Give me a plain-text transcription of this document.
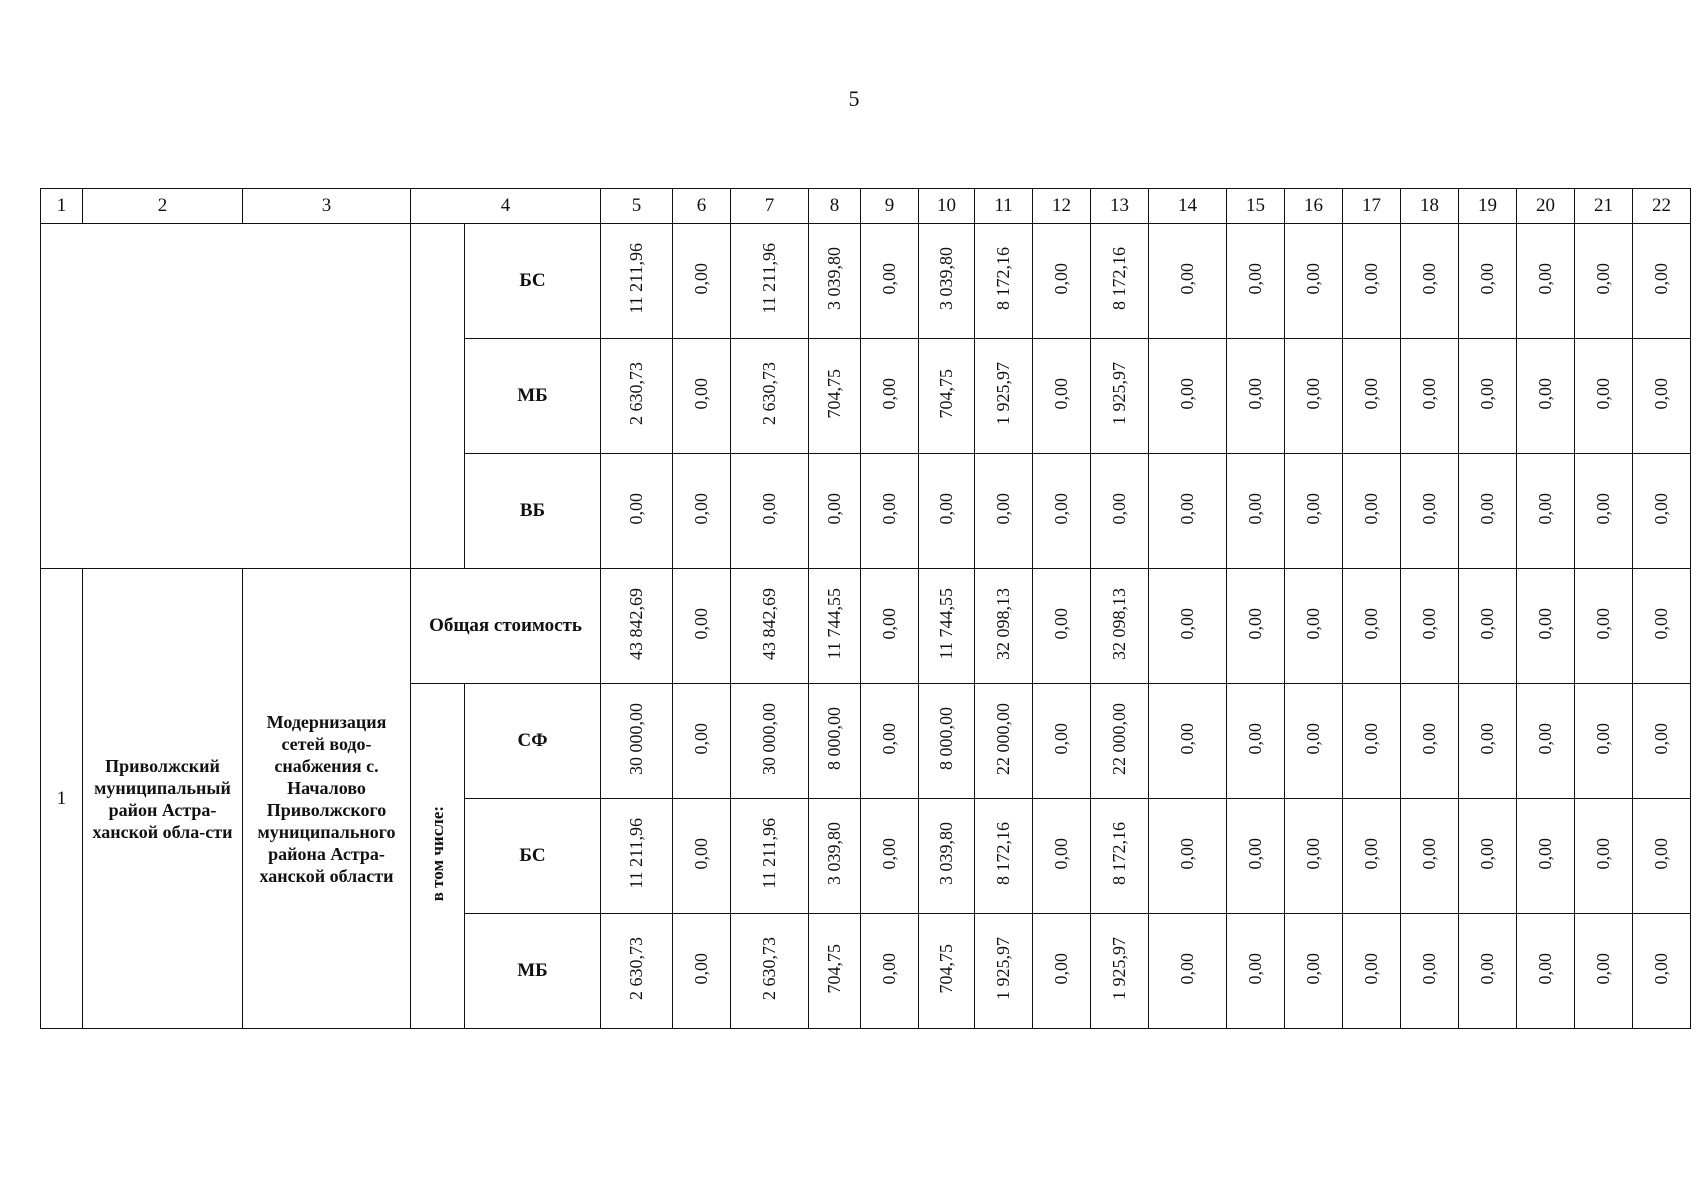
5
1	2	3	4		5	6	7	8	9	10	11	12	13	14	15	16	17	18	19	20	21	22
				БС	11 211,96	0,00	11 211,96	3 039,80	0,00	3 039,80	8 172,16	0,00	8 172,16	0,00	0,00	0,00	0,00	0,00	0,00	0,00	0,00	0,00
				МБ	2 630,73	0,00	2 630,73	704,75	0,00	704,75	1 925,97	0,00	1 925,97	0,00	0,00	0,00	0,00	0,00	0,00	0,00	0,00	0,00
				ВБ	0,00	0,00	0,00	0,00	0,00	0,00	0,00	0,00	0,00	0,00	0,00	0,00	0,00	0,00	0,00	0,00	0,00	0,00
1	Приволжский муниципальный район Астра-ханской обла-сти	Модернизация сетей водо-снабжения с. Началово Приволжского муниципального района Астра-ханской области	Общая стоимость		43 842,69	0,00	43 842,69	11 744,55	0,00	11 744,55	32 098,13	0,00	32 098,13	0,00	0,00	0,00	0,00	0,00	0,00	0,00	0,00	0,00
			в том числе:	СФ	30 000,00	0,00	30 000,00	8 000,00	0,00	8 000,00	22 000,00	0,00	22 000,00	0,00	0,00	0,00	0,00	0,00	0,00	0,00	0,00	0,00
				БС	11 211,96	0,00	11 211,96	3 039,80	0,00	3 039,80	8 172,16	0,00	8 172,16	0,00	0,00	0,00	0,00	0,00	0,00	0,00	0,00	0,00
				МБ	2 630,73	0,00	2 630,73	704,75	0,00	704,75	1 925,97	0,00	1 925,97	0,00	0,00	0,00	0,00	0,00	0,00	0,00	0,00	0,00
